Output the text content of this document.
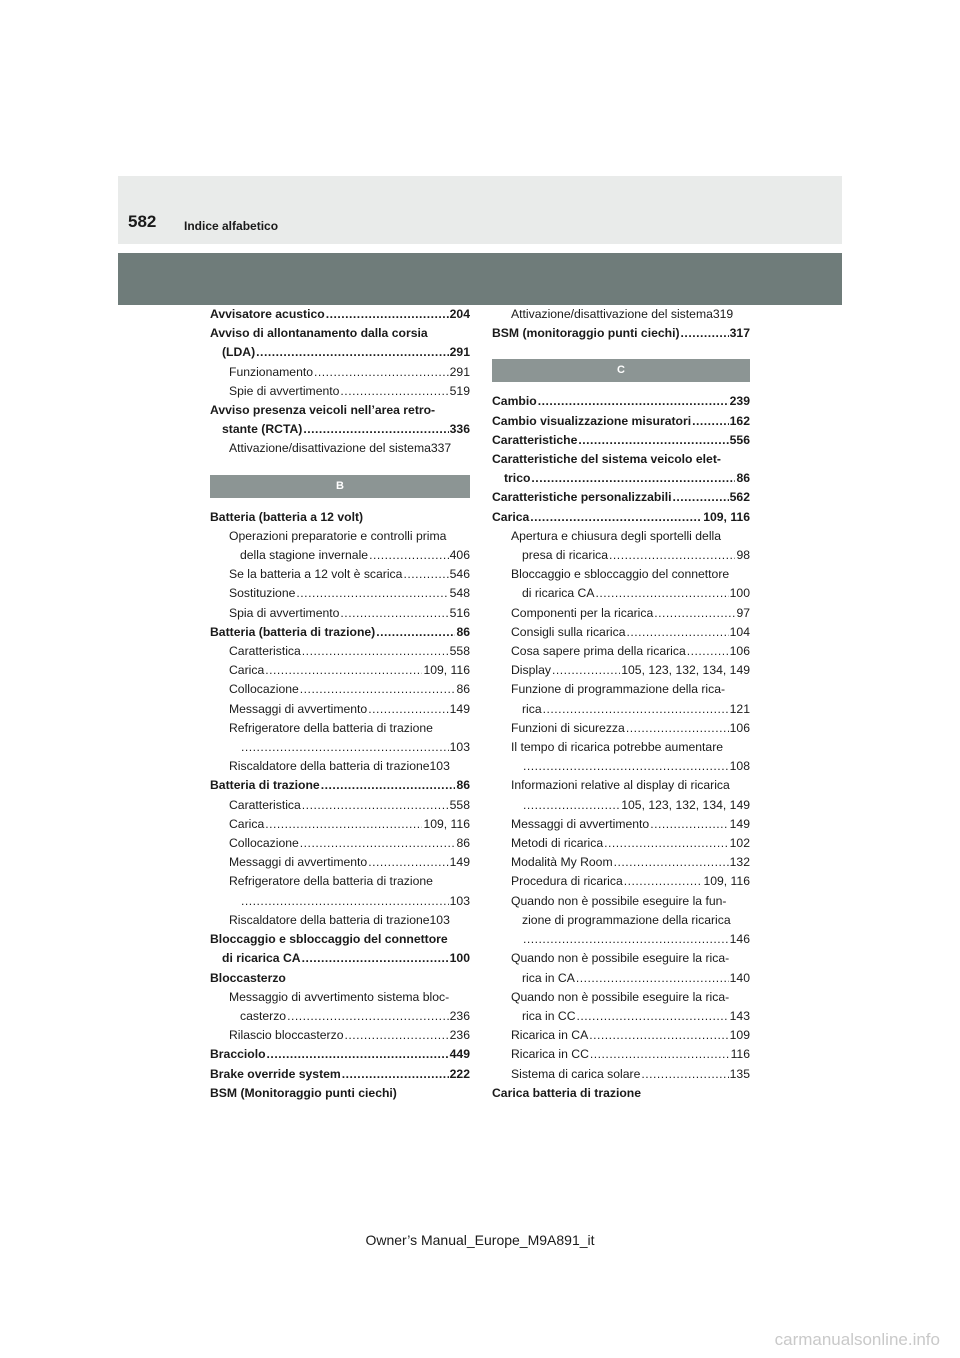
582 Indice alfabetico
Avvisatore acustico .....	204
Avviso di allontanamento dalla corsia
(LDA) .....	291
Funzionamento .....	291
Spie di avvertimento .....	519
Avviso presenza veicoli nell’area retro-
stante (RCTA) .....	336
Attivazione/disattivazione del sistema 337
B
Batteria (batteria a 12 volt)
Operazioni preparatorie e controlli prima
della stagione invernale .....	406
Se la batteria a 12 volt è scarica .....	546
Sostituzione .....	548
Spia di avvertimento .....	516
Batteria (batteria di trazione) .....	86
Caratteristica .....	558
Carica .....	109, 116
Collocazione .....	86
Messaggi di avvertimento .....	149
Refrigeratore della batteria di trazione
.....
103
Riscaldatore della batteria di trazione 103
Batteria di trazione .....	86
Caratteristica .....	558
Carica .....	109, 116
Collocazione .....	86
Messaggi di avvertimento .....	149
Refrigeratore della batteria di trazione
.....
103
Riscaldatore della batteria di trazione 103
Bloccaggio e sbloccaggio del connettore
di ricarica CA .....	100
Bloccasterzo
Messaggio di avvertimento sistema bloc-
casterzo .....	236
Rilascio bloccasterzo .....	236
Bracciolo .....	449
Brake override system .....	222
BSM (Monitoraggio punti ciechi)
Attivazione/disattivazione del sistema 319
BSM (monitoraggio punti ciechi) .....	317
C
Cambio .....	239
Cambio visualizzazione misuratori .....	162
Caratteristiche .....	556
Caratteristiche del sistema veicolo elet-
trico .....	86
Caratteristiche personalizzabili .....	562
Carica .....	109, 116
Apertura e chiusura degli sportelli della
presa di ricarica .....	98
Bloccaggio e sbloccaggio del connettore
di ricarica CA .....	100
Componenti per la ricarica .....	97
Consigli sulla ricarica .....	104
Cosa sapere prima della ricarica .....	106
Display .....	105, 123, 132, 134, 149
Funzione di programmazione della rica-
rica .....	121
Funzioni di sicurezza .....	106
Il tempo di ricarica potrebbe aumentare
.....
108
Informazioni relative al display di ricarica
.....
105, 123, 132, 134, 149
Messaggi di avvertimento .....	149
Metodi di ricarica .....	102
Modalità My Room .....	132
Procedura di ricarica .....	109, 116
Quando non è possibile eseguire la fun-
zione di programmazione della ricarica
.....
146
Quando non è possibile eseguire la rica-
rica in CA .....	140
Quando non è possibile eseguire la rica-
rica in CC .....	143
Ricarica in CA .....	109
Ricarica in CC .....	116
Sistema di carica solare .....	135
Carica batteria di trazione
Owner’s Manual_Europe_M9A891_it
carmanualsonline.info
